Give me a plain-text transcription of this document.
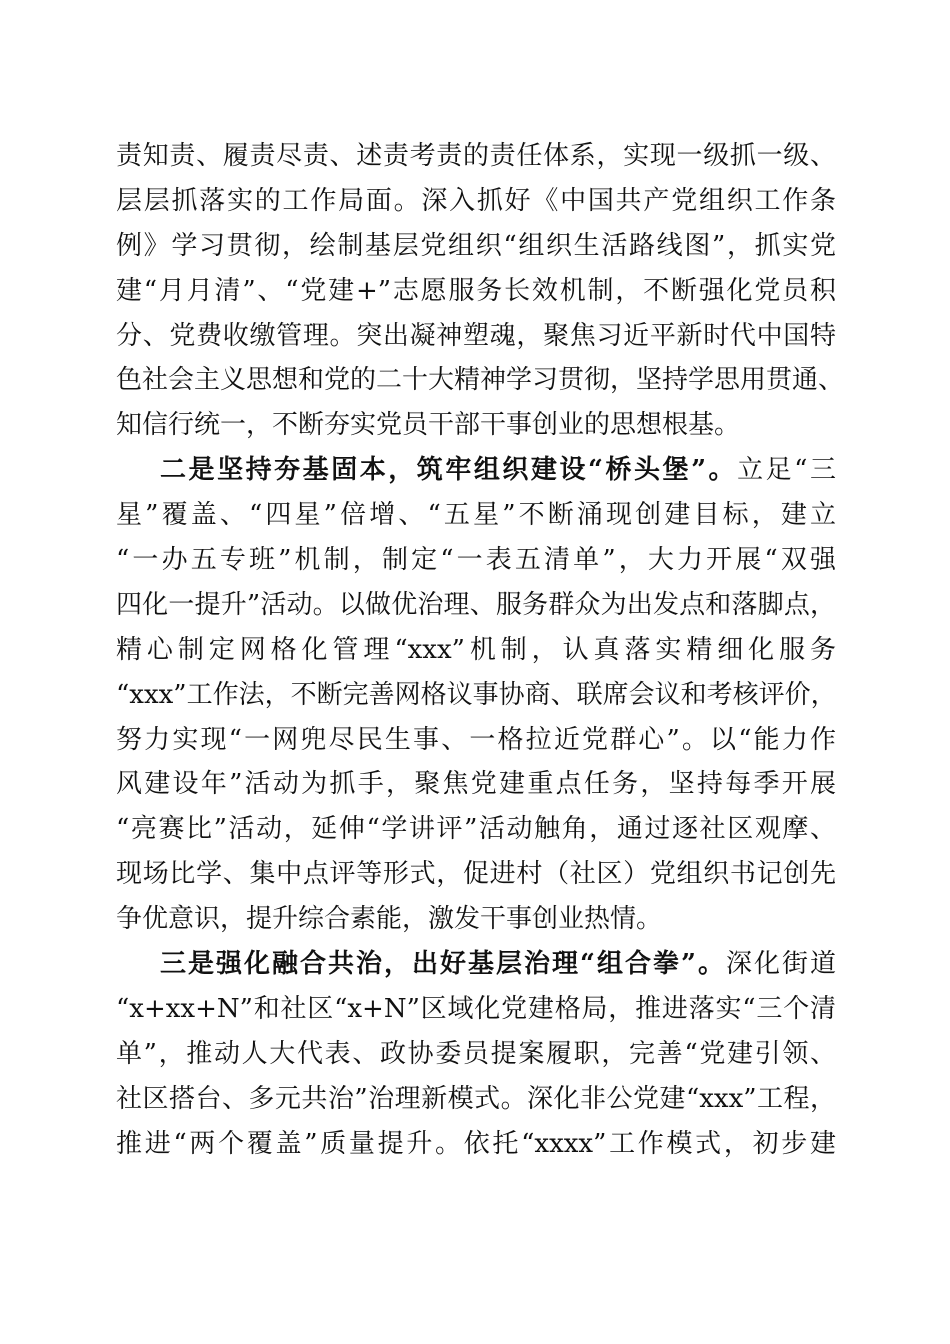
责知责、履责尽责、述责考责的责任体系，实现一级抓一级、
层层抓落实的工作局面。深入抓好《中国共产党组织工作条
例》学习贯彻，绘制基层党组织“组织生活路线图”，抓实党
建“月月清”、“党建+”志愿服务长效机制，不断强化党员积
分、党费收缴管理。突出凝神塑魂，聚焦习近平新时代中国特
色社会主义思想和党的二十大精神学习贯彻，坚持学思用贯通、
知信行统一，不断夯实党员干部干事创业的思想根基。
二是坚持夯基固本，筑牢组织建设“桥头堡”。立足“三
星”覆盖、“四星”倍增、“五星”不断涌现创建目标，建立
“一办五专班”机制，制定“一表五清单”，大力开展“双强
四化一提升”活动。以做优治理、服务群众为出发点和落脚点，
精心制定网格化管理“xxx”机制，认真落实精细化服务
“xxx”工作法，不断完善网格议事协商、联席会议和考核评价，
努力实现“一网兜尽民生事、一格拉近党群心”。以“能力作
风建设年”活动为抓手，聚焦党建重点任务，坚持每季开展
“亮赛比”活动，延伸“学讲评”活动触角，通过逐社区观摩、
现场比学、集中点评等形式，促进村（社区）党组织书记创先
争优意识，提升综合素能，激发干事创业热情。
三是强化融合共治，出好基层治理“组合拳”。深化街道
“x+xx+N”和社区“x+N”区域化党建格局，推进落实“三个清
单”，推动人大代表、政协委员提案履职，完善“党建引领、
社区搭台、多元共治”治理新模式。深化非公党建“xxx”工程，
推进“两个覆盖”质量提升。依托“xxxx”工作模式，初步建
